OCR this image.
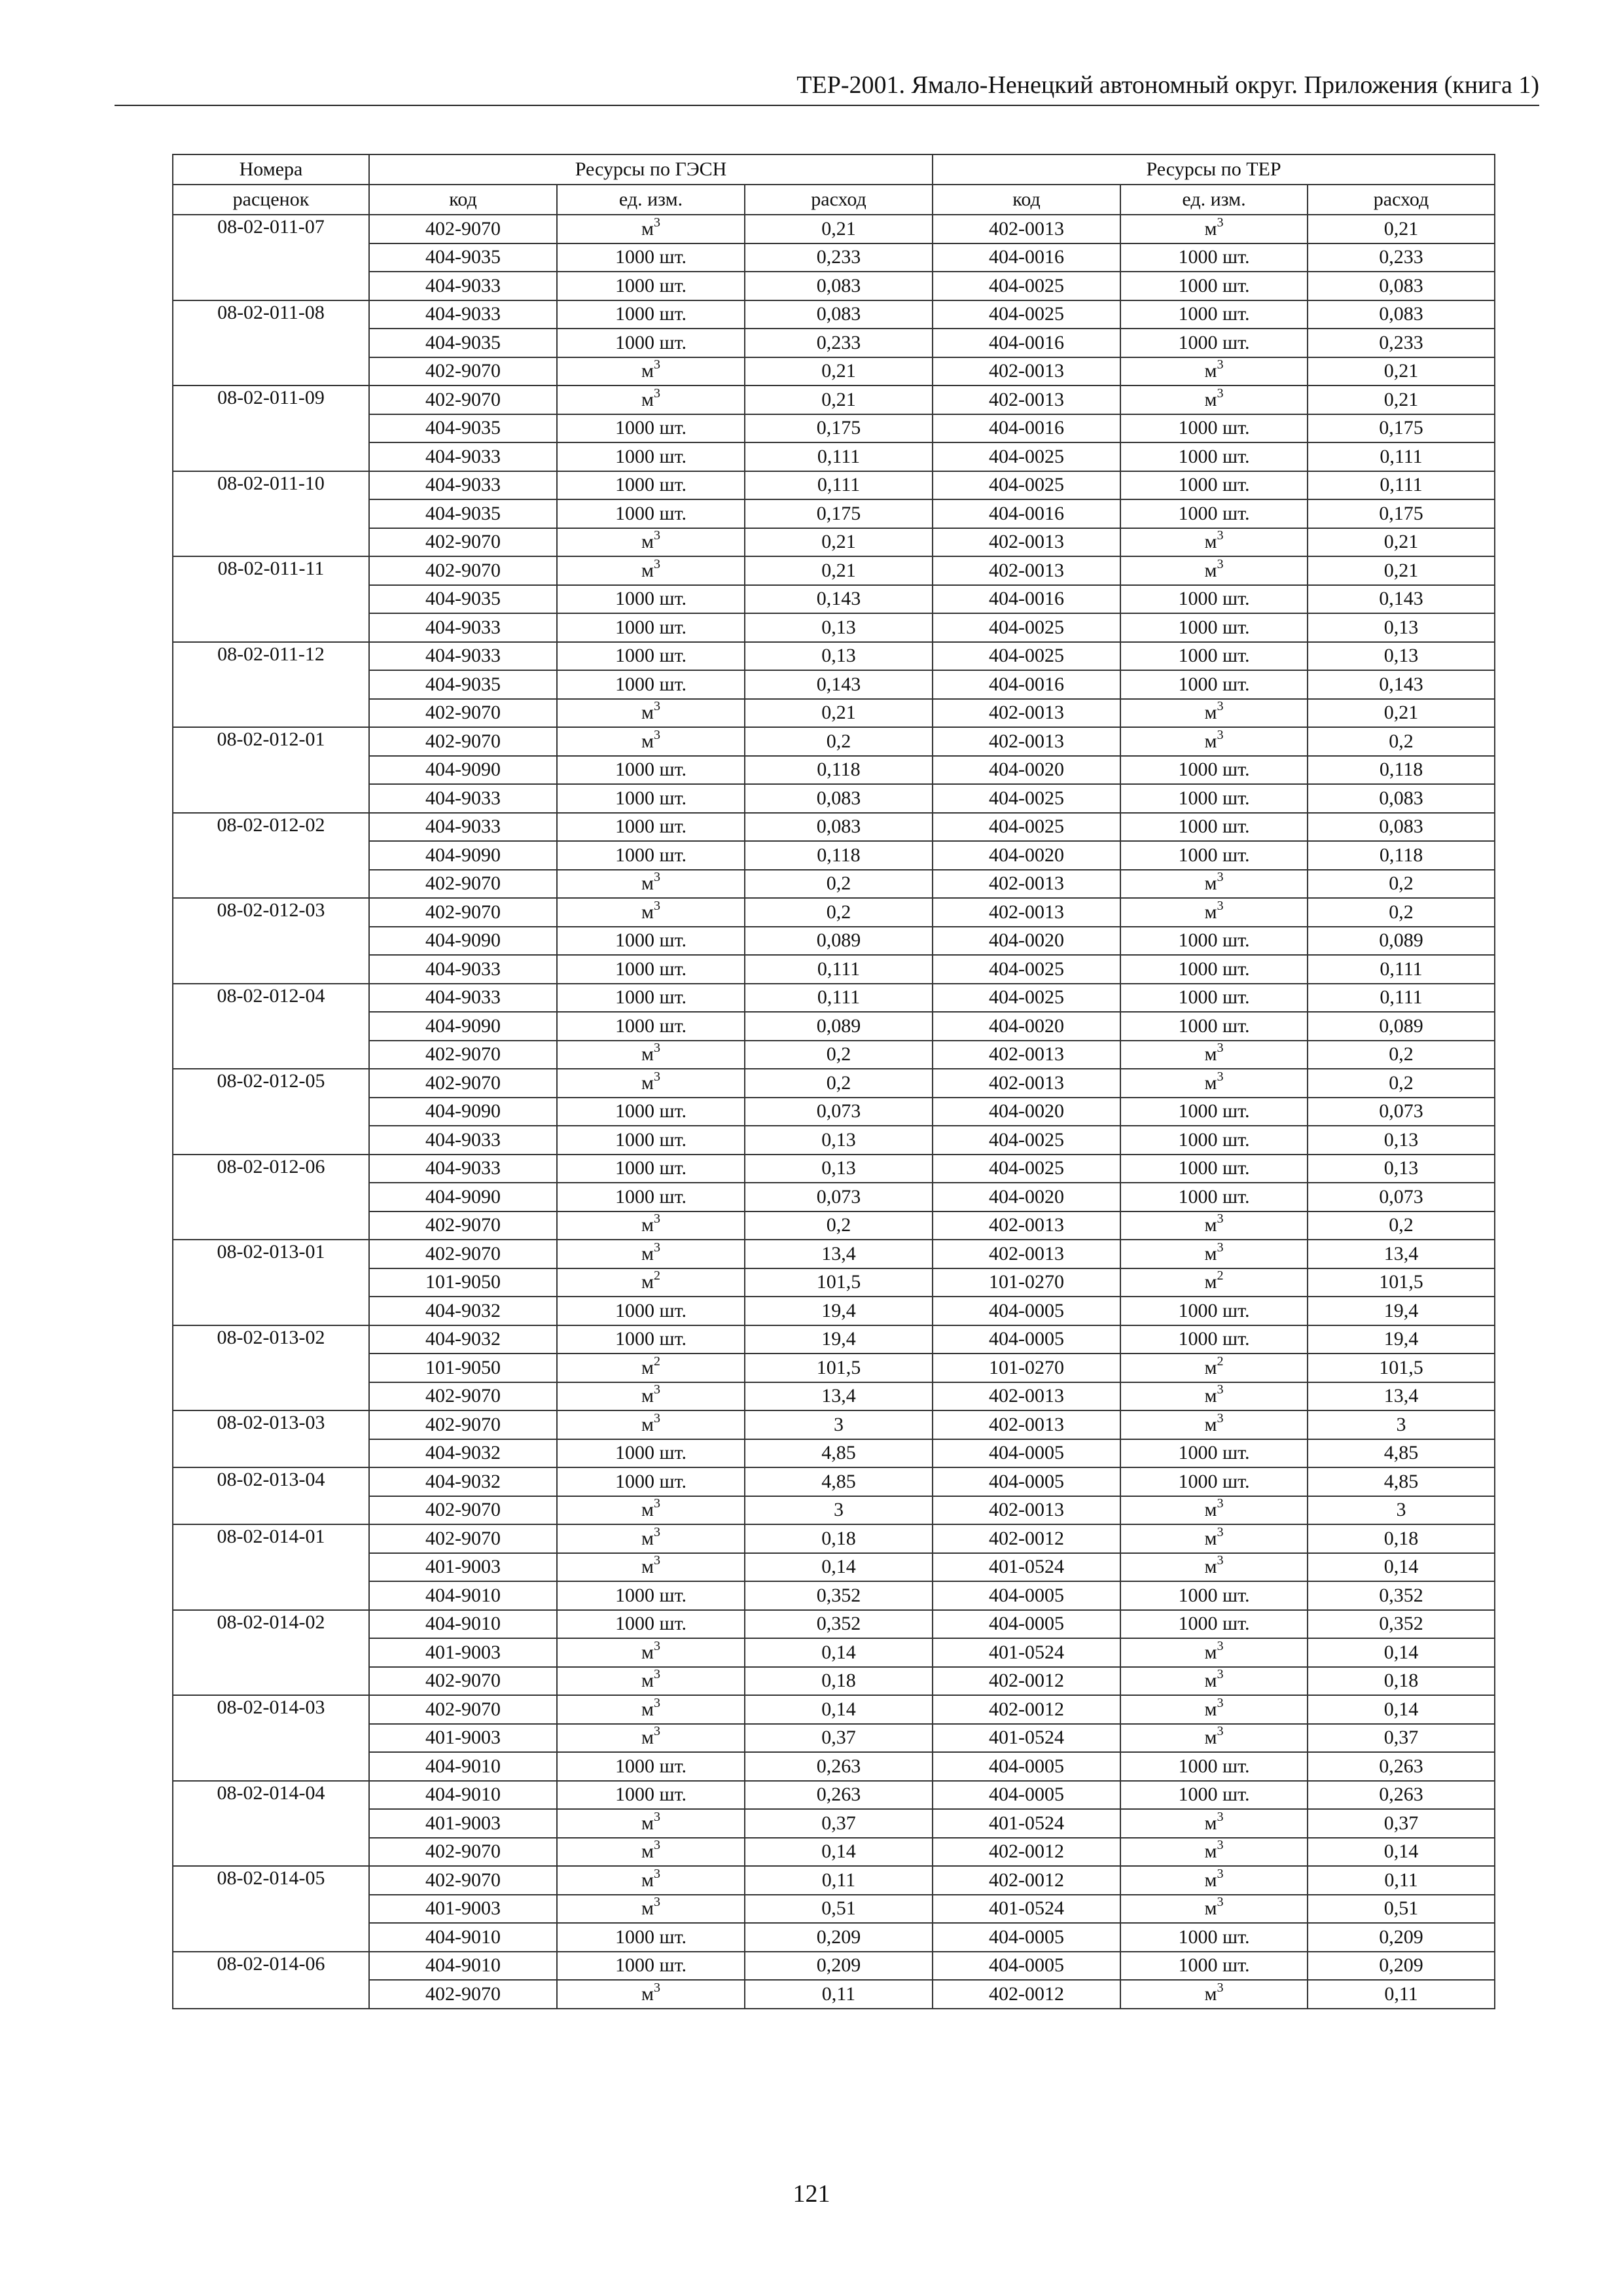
ТЕР-2001. Ямало-Ненецкий автономный округ. Приложения (книга 1)
Номера	Ресурсы по ГЭСН			Ресурсы по ТЕР		
расценок	код	ед. изм.	расход	код	ед. изм.	расход
08-02-011-07	402-9070	$м^3$	0,21	402-0013	$м^3$	0,21
	404-9035	1000 шт.	0,233	404-0016	1000 шт.	0,233
	404-9033	1000 шт.	0,083	404-0025	1000 шт.	0,083
08-02-011-08	404-9033	1000 шт.	0,083	404-0025	1000 шт.	0,083
	404-9035	1000 шт.	0,233	404-0016	1000 шт.	0,233
	402-9070	$м^3$	0,21	402-0013	$м^3$	0,21
08-02-011-09	402-9070	$м^3$	0,21	402-0013	$м^3$	0,21
	404-9035	1000 шт.	0,175	404-0016	1000 шт.	0,175
	404-9033	1000 шт.	0,111	404-0025	1000 шт.	0,111
08-02-011-10	404-9033	1000 шт.	0,111	404-0025	1000 шт.	0,111
	404-9035	1000 шт.	0,175	404-0016	1000 шт.	0,175
	402-9070	$м^3$	0,21	402-0013	$м^3$	0,21
08-02-011-11	402-9070	$м^3$	0,21	402-0013	$м^3$	0,21
	404-9035	1000 шт.	0,143	404-0016	1000 шт.	0,143
	404-9033	1000 шт.	0,13	404-0025	1000 шт.	0,13
08-02-011-12	404-9033	1000 шт.	0,13	404-0025	1000 шт.	0,13
	404-9035	1000 шт.	0,143	404-0016	1000 шт.	0,143
	402-9070	$м^3$	0,21	402-0013	$м^3$	0,21
08-02-012-01	402-9070	$м^3$	0,2	402-0013	$м^3$	0,2
	404-9090	1000 шт.	0,118	404-0020	1000 шт.	0,118
	404-9033	1000 шт.	0,083	404-0025	1000 шт.	0,083
08-02-012-02	404-9033	1000 шт.	0,083	404-0025	1000 шт.	0,083
	404-9090	1000 шт.	0,118	404-0020	1000 шт.	0,118
	402-9070	$м^3$	0,2	402-0013	$м^3$	0,2
08-02-012-03	402-9070	$м^3$	0,2	402-0013	$м^3$	0,2
	404-9090	1000 шт.	0,089	404-0020	1000 шт.	0,089
	404-9033	1000 шт.	0,111	404-0025	1000 шт.	0,111
08-02-012-04	404-9033	1000 шт.	0,111	404-0025	1000 шт.	0,111
	404-9090	1000 шт.	0,089	404-0020	1000 шт.	0,089
	402-9070	$м^3$	0,2	402-0013	$м^3$	0,2
08-02-012-05	402-9070	$м^3$	0,2	402-0013	$м^3$	0,2
	404-9090	1000 шт.	0,073	404-0020	1000 шт.	0,073
	404-9033	1000 шт.	0,13	404-0025	1000 шт.	0,13
08-02-012-06	404-9033	1000 шт.	0,13	404-0025	1000 шт.	0,13
	404-9090	1000 шт.	0,073	404-0020	1000 шт.	0,073
	402-9070	$м^3$	0,2	402-0013	$м^3$	0,2
08-02-013-01	402-9070	$м^3$	13,4	402-0013	$м^3$	13,4
	101-9050	$м^2$	101,5	101-0270	$м^2$	101,5
	404-9032	1000 шт.	19,4	404-0005	1000 шт.	19,4
08-02-013-02	404-9032	1000 шт.	19,4	404-0005	1000 шт.	19,4
	101-9050	$м^2$	101,5	101-0270	$м^2$	101,5
	402-9070	$м^3$	13,4	402-0013	$м^3$	13,4
08-02-013-03	402-9070	$м^3$	3	402-0013	$м^3$	3
	404-9032	1000 шт.	4,85	404-0005	1000 шт.	4,85
08-02-013-04	404-9032	1000 шт.	4,85	404-0005	1000 шт.	4,85
	402-9070	$м^3$	3	402-0013	$м^3$	3
08-02-014-01	402-9070	$м^3$	0,18	402-0012	$м^3$	0,18
	401-9003	$м^3$	0,14	401-0524	$м^3$	0,14
	404-9010	1000 шт.	0,352	404-0005	1000 шт.	0,352
08-02-014-02	404-9010	1000 шт.	0,352	404-0005	1000 шт.	0,352
	401-9003	$м^3$	0,14	401-0524	$м^3$	0,14
	402-9070	$м^3$	0,18	402-0012	$м^3$	0,18
08-02-014-03	402-9070	$м^3$	0,14	402-0012	$м^3$	0,14
	401-9003	$м^3$	0,37	401-0524	$м^3$	0,37
	404-9010	1000 шт.	0,263	404-0005	1000 шт.	0,263
08-02-014-04	404-9010	1000 шт.	0,263	404-0005	1000 шт.	0,263
	401-9003	$м^3$	0,37	401-0524	$м^3$	0,37
	402-9070	$м^3$	0,14	402-0012	$м^3$	0,14
08-02-014-05	402-9070	$м^3$	0,11	402-0012	$м^3$	0,11
	401-9003	$м^3$	0,51	401-0524	$м^3$	0,51
	404-9010	1000 шт.	0,209	404-0005	1000 шт.	0,209
08-02-014-06	404-9010	1000 шт.	0,209	404-0005	1000 шт.	0,209
	402-9070	$м^3$	0,11	402-0012	$м^3$	0,11
121
